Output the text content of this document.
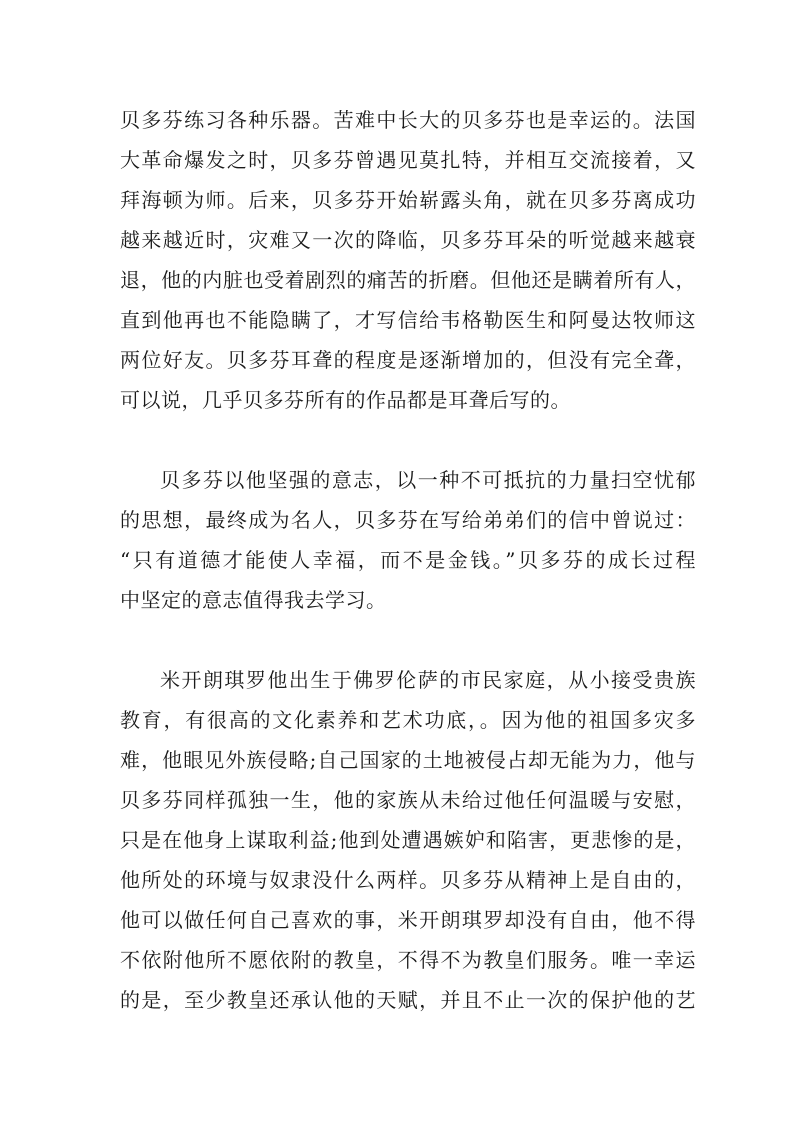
贝多芬练习各种乐器。苦难中长大的贝多芬也是幸运的。法国
大革命爆发之时，贝多芬曾遇见莫扎特，并相互交流接着，又
拜海顿为师。后来，贝多芬开始崭露头角，就在贝多芬离成功
越来越近时，灾难又一次的降临，贝多芬耳朵的听觉越来越衰
退，他的内脏也受着剧烈的痛苦的折磨。但他还是瞒着所有人，
直到他再也不能隐瞒了，才写信给韦格勒医生和阿曼达牧师这
两位好友。贝多芬耳聋的程度是逐渐增加的，但没有完全聋，
可以说，几乎贝多芬所有的作品都是耳聋后写的。

贝多芬以他坚强的意志，以一种不可抵抗的力量扫空忧郁
的思想，最终成为名人，贝多芬在写给弟弟们的信中曾说过：
“只有道德才能使人幸福，而不是金钱。”贝多芬的成长过程
中坚定的意志值得我去学习。

米开朗琪罗他出生于佛罗伦萨的市民家庭，从小接受贵族
教育，有很高的文化素养和艺术功底，。因为他的祖国多灾多
难，他眼见外族侵略;自己国家的土地被侵占却无能为力，他与
贝多芬同样孤独一生，他的家族从未给过他任何温暖与安慰，
只是在他身上谋取利益;他到处遭遇嫉妒和陷害，更悲惨的是，
他所处的环境与奴隶没什么两样。贝多芬从精神上是自由的，
他可以做任何自己喜欢的事，米开朗琪罗却没有自由，他不得
不依附他所不愿依附的教皇，不得不为教皇们服务。唯一幸运
的是，至少教皇还承认他的天赋，并且不止一次的保护他的艺
